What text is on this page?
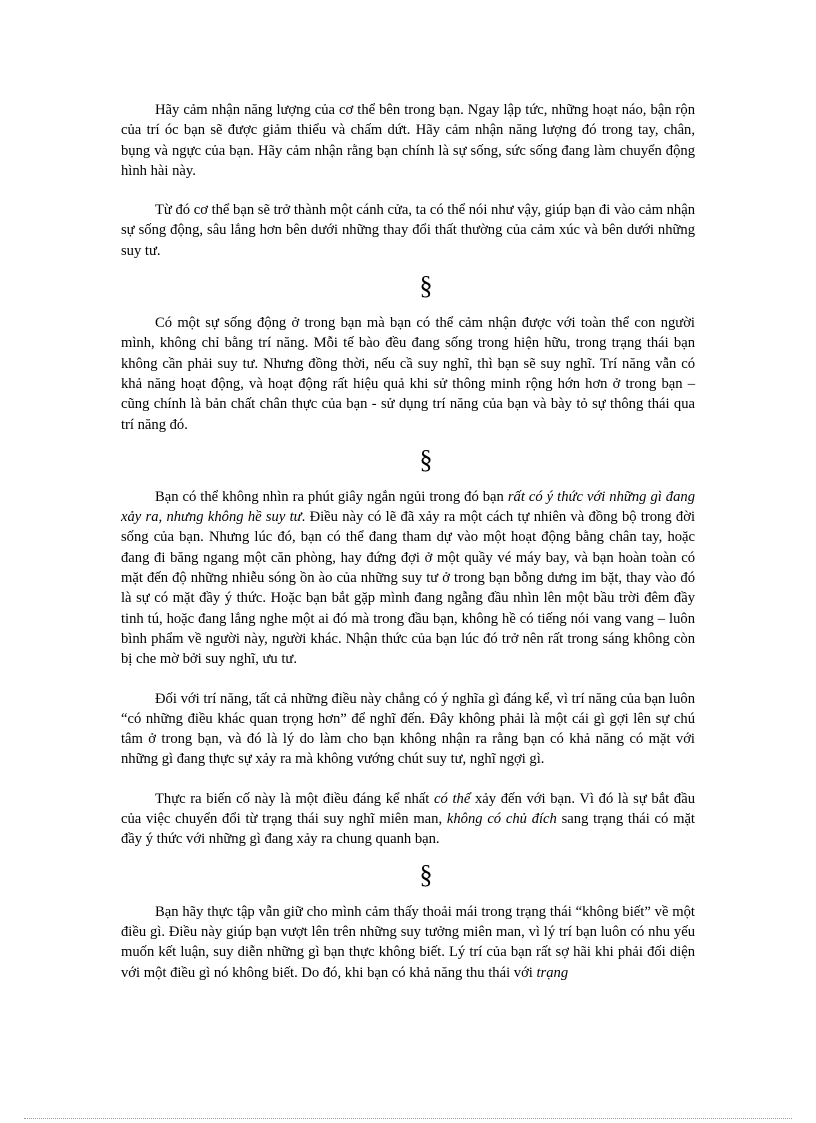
Hãy cảm nhận năng lượng của cơ thể bên trong bạn. Ngay lập tức, những hoạt náo, bận rộn của trí óc bạn sẽ được giảm thiểu và chấm dứt. Hãy cảm nhận năng lượng đó trong tay, chân, bụng và ngực của bạn. Hãy cảm nhận rằng bạn chính là sự sống, sức sống đang làm chuyển động hình hài này.

Từ đó cơ thể bạn sẽ trở thành một cánh cửa, ta có thể nói như vậy, giúp bạn đi vào cảm nhận sự sống động, sâu lắng hơn bên dưới những thay đổi thất thường của cảm xúc và bên dưới những suy tư.

§

Có một sự sống động ở trong bạn mà bạn có thể cảm nhận được với toàn thể con người mình, không chỉ bằng trí năng. Mỗi tế bào đều đang sống trong hiện hữu, trong trạng thái bạn không cần phải suy tư. Nhưng đồng thời, nếu cầ suy nghĩ, thì bạn sẽ suy nghĩ. Trí năng vẫn có khả năng hoạt động, và hoạt động rất hiệu quả khi sử thông minh rộng hớn hơn ở trong bạn – cũng chính là bản chất chân thực của bạn - sử dụng trí năng của bạn và bày tỏ sự thông thái qua trí năng đó.

§

Bạn có thể không nhìn ra phút giây ngắn ngủi trong đó bạn rất có ý thức với những gì đang xảy ra, nhưng không hề suy tư. Điều này có lẽ đã xảy ra một cách tự nhiên và đồng bộ trong đời sống của bạn. Nhưng lúc đó, bạn có thể đang tham dự vào một hoạt động bằng chân tay, hoặc đang đi băng ngang một căn phòng, hay đứng đợi ở một quầy vé máy bay, và bạn hoàn toàn có mặt đến độ những nhiễu sóng ồn ào của những suy tư ở trong bạn bỗng dưng im bặt, thay vào đó là sự có mặt đầy ý thức. Hoặc bạn bắt gặp mình đang ngẫng đầu nhìn lên một bầu trời đêm đầy tinh tú, hoặc đang lắng nghe một ai đó mà trong đầu bạn, không hề có tiếng nói vang vang – luôn bình phẩm về người này, người khác. Nhận thức của bạn lúc đó trở nên rất trong sáng không còn bị che mờ bởi suy nghĩ, ưu tư.

Đối với trí năng, tất cả những điều này chẳng có ý nghĩa gì đáng kể, vì trí năng của bạn luôn “có những điều khác quan trọng hơn” để nghĩ đến. Đây không phải là một cái gì gợi lên sự chú tâm ở trong bạn, và đó là lý do làm cho bạn không nhận ra rằng bạn có khả năng có mặt với những gì đang thực sự xảy ra mà không vướng chút suy tư, nghĩ ngợi gì.

Thực ra biến cố này là một điều đáng kể nhất có thể xảy đến với bạn. Vì đó là sự bắt đầu của việc chuyển đổi từ trạng thái suy nghĩ miên man, không có chủ đích sang trạng thái có mặt đầy ý thức với những gì đang xảy ra chung quanh bạn.

§

Bạn hãy thực tập vẫn giữ cho mình cảm thấy thoải mái trong trạng thái “không biết” về một điều gì. Điều này giúp bạn vượt lên trên những suy tưởng miên man, vì lý trí bạn luôn có nhu yếu muốn kết luận, suy diễn những gì bạn thực không biết. Lý trí của bạn rất sợ hãi khi phải đối diện với một điều gì nó không biết. Do đó, khi bạn có khả năng thu thái với trạng
